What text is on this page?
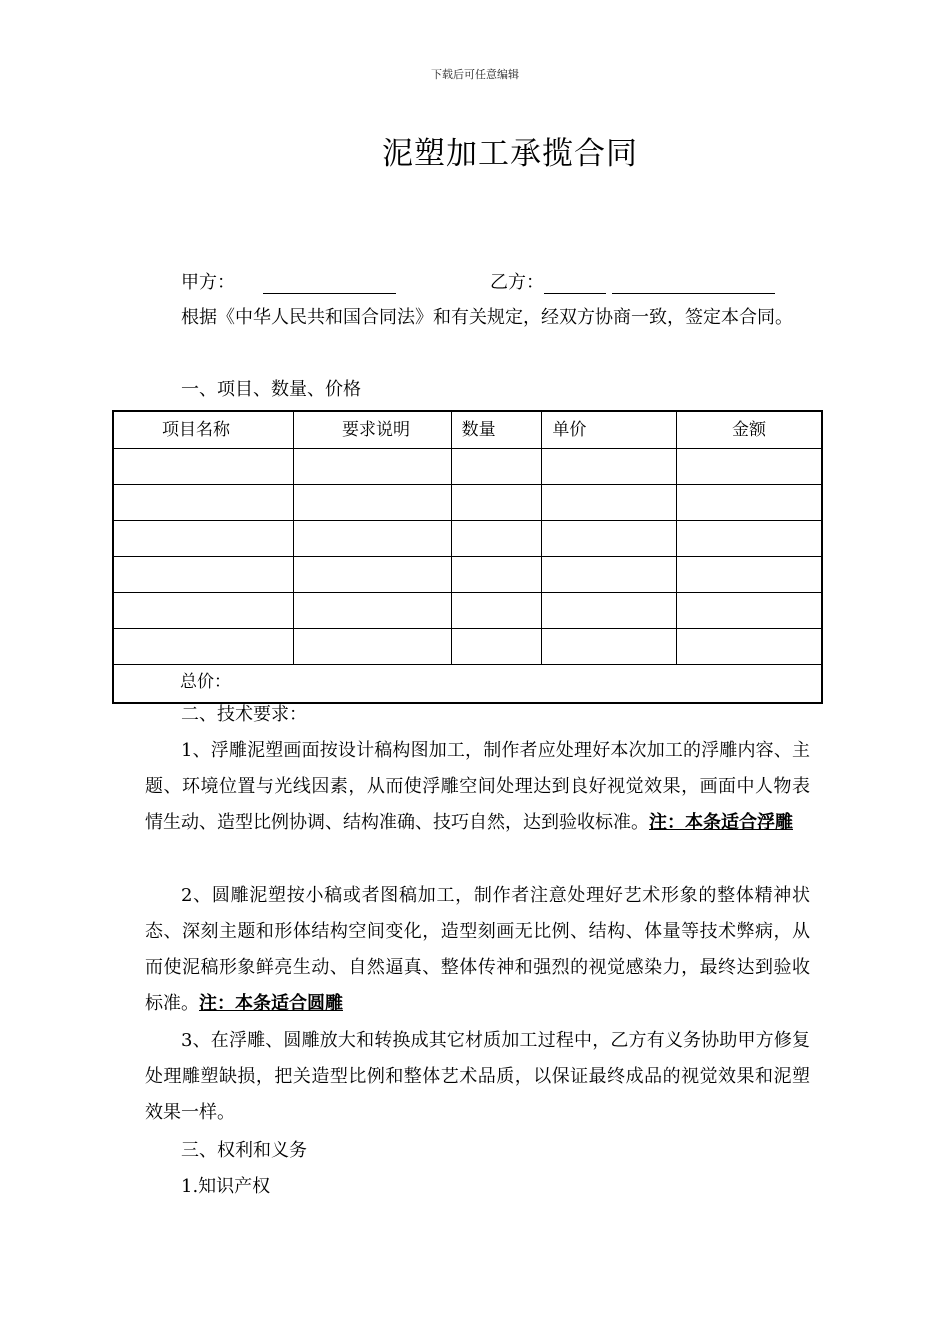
下载后可任意编辑
泥塑加工承揽合同
甲方：	乙方：
根据《中华人民共和国合同法》和有关规定，经双方协商一致，签定本合同。
一、项目、数量、价格
项目名称	要求说明	数量	单价	金额

总价：				
二、技术要求：
1、浮雕泥塑画面按设计稿构图加工，制作者应处理好本次加工的浮雕内容、主题、环境位置与光线因素，从而使浮雕空间处理达到良好视觉效果，画面中人物表情生动、造型比例协调、结构准确、技巧自然，达到验收标准。注：本条适合浮雕
2、圆雕泥塑按小稿或者图稿加工，制作者注意处理好艺术形象的整体精神状态、深刻主题和形体结构空间变化，造型刻画无比例、结构、体量等技术弊病，从而使泥稿形象鲜亮生动、自然逼真、整体传神和强烈的视觉感染力，最终达到验收标准。注：本条适合圆雕
3、在浮雕、圆雕放大和转换成其它材质加工过程中，乙方有义务协助甲方修复处理雕塑缺损，把关造型比例和整体艺术品质，以保证最终成品的视觉效果和泥塑效果一样。
三、权利和义务
1.知识产权
